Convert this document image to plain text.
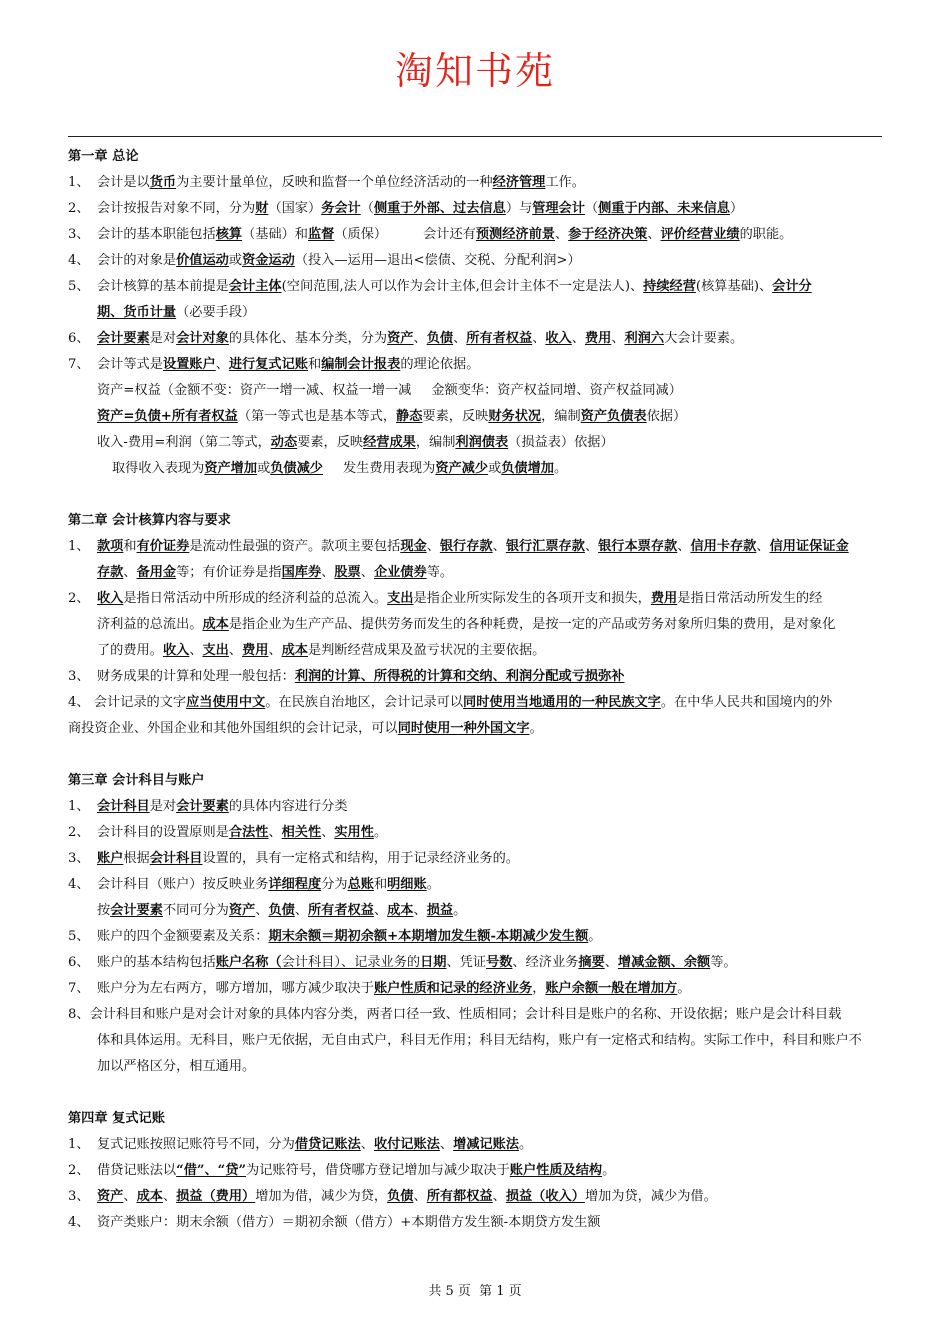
淘知书苑
第一章 总论
1、 会计是以货币为主要计量单位，反映和监督一个单位经济活动的一种经济管理工作。
2、 会计按报告对象不同，分为财（国家）务会计（侧重于外部、过去信息）与管理会计（侧重于内部、未来信息）
3、 会计的基本职能包括核算（基础）和监督（质保）	会计还有预测经济前景、参于经济决策、评价经营业绩的职能。
4、 会计的对象是价值运动或资金运动（投入—运用—退出<偿债、交税、分配利润>）
5、 会计核算的基本前提是会计主体(空间范围,法人可以作为会计主体,但会计主体不一定是法人)、持续经营(核算基础)、会计分
期、货币计量（必要手段）
6、 会计要素是对会计对象的具体化、基本分类，分为资产、负债、所有者权益、收入、费用、利润六大会计要素。
7、 会计等式是设置账户、进行复式记账和编制会计报表的理论依据。
资产=权益（金额不变：资产一增一减、权益一增一减 金额变华：资产权益同增、资产权益同减）
资产=负债+所有者权益（第一等式也是基本等式，静态要素，反映财务状况，编制资产负债表依据）
收入-费用=利润（第二等式，动态要素，反映经营成果，编制利润债表（损益表）依据）
取得收入表现为资产增加或负债减少 发生费用表现为资产减少或负债增加。
第二章 会计核算内容与要求
1、 款项和有价证券是流动性最强的资产。款项主要包括现金、银行存款、银行汇票存款、银行本票存款、信用卡存款、信用证保证金
存款、备用金等；有价证券是指国库券、股票、企业债券等。
2、 收入是指日常活动中所形成的经济利益的总流入。支出是指企业所实际发生的各项开支和损失，费用是指日常活动所发生的经
济利益的总流出。成本是指企业为生产产品、提供劳务而发生的各种耗费，是按一定的产品或劳务对象所归集的费用，是对象化
了的费用。收入、支出、费用、成本是判断经营成果及盈亏状况的主要依据。
3、 财务成果的计算和处理一般包括：利润的计算、所得税的计算和交纳、利润分配或亏损弥补
4、 会计记录的文字应当使用中文。在民族自治地区，会计记录可以同时使用当地通用的一种民族文字。在中华人民共和国境内的外
商投资企业、外国企业和其他外国组织的会计记录，可以同时使用一种外国文字。
第三章 会计科目与账户
1、 会计科目是对会计要素的具体内容进行分类
2、 会计科目的设置原则是合法性、相关性、实用性。
3、 账户根据会计科目设置的，具有一定格式和结构，用于记录经济业务的。
4、 会计科目（账户）按反映业务详细程度分为总账和明细账。
按会计要素不同可分为资产、负债、所有者权益、成本、损益。
5、 账户的四个金额要素及关系：期末余额＝期初余额+本期增加发生额-本期减少发生额。
6、 账户的基本结构包括账户名称（会计科目）、记录业务的日期、凭证号数、经济业务摘要、增减金额、余额等。
7、 账户分为左右两方，哪方增加，哪方减少取决于账户性质和记录的经济业务，账户余额一般在增加方。
8、会计科目和账户是对会计对象的具体内容分类，两者口径一致、性质相同；会计科目是账户的名称、开设依据；账户是会计科目载
体和具体运用。无科目，账户无依据，无自由式户，科目无作用；科目无结构，账户有一定格式和结构。实际工作中，科目和账户不
加以严格区分，相互通用。
第四章 复式记账
1、 复式记账按照记账符号不同，分为借贷记账法、收付记账法、增减记账法。
2、 借贷记账法以“借”、“贷”为记账符号，借贷哪方登记增加与减少取决于账户性质及结构。
3、 资产、成本、损益（费用）增加为借，减少为贷，负债、所有都权益、损益（收入）增加为贷，减少为借。
4、 资产类账户：期末余额（借方）＝期初余额（借方）+本期借方发生额-本期贷方发生额
共 5 页 第 1 页
